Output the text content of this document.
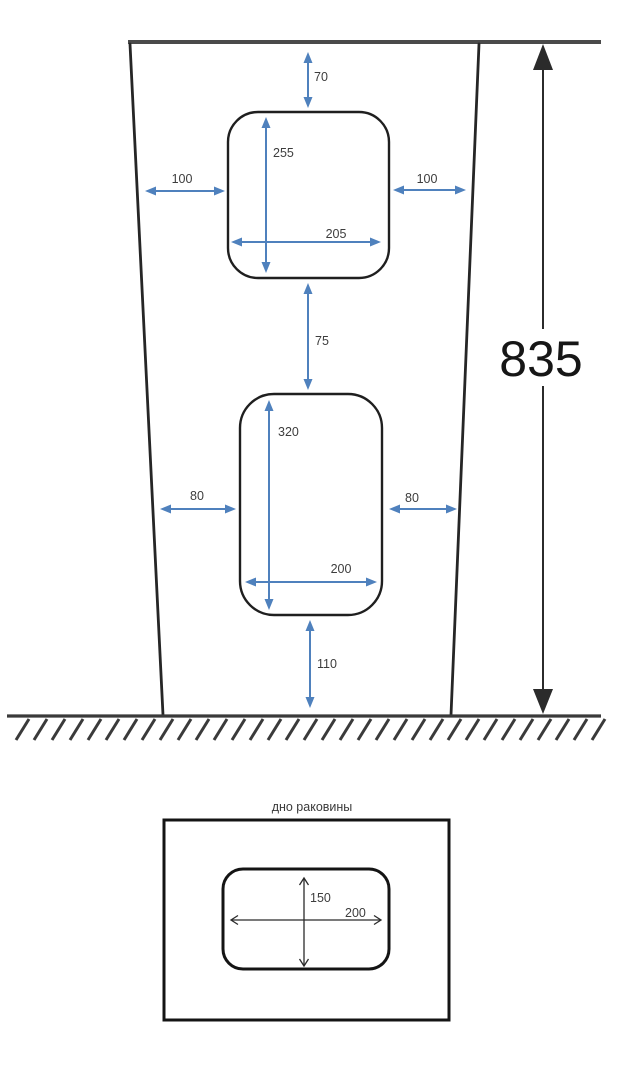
835
70
255
100	100
205
75
320
80	80
200
110
дно раковины
150
200
